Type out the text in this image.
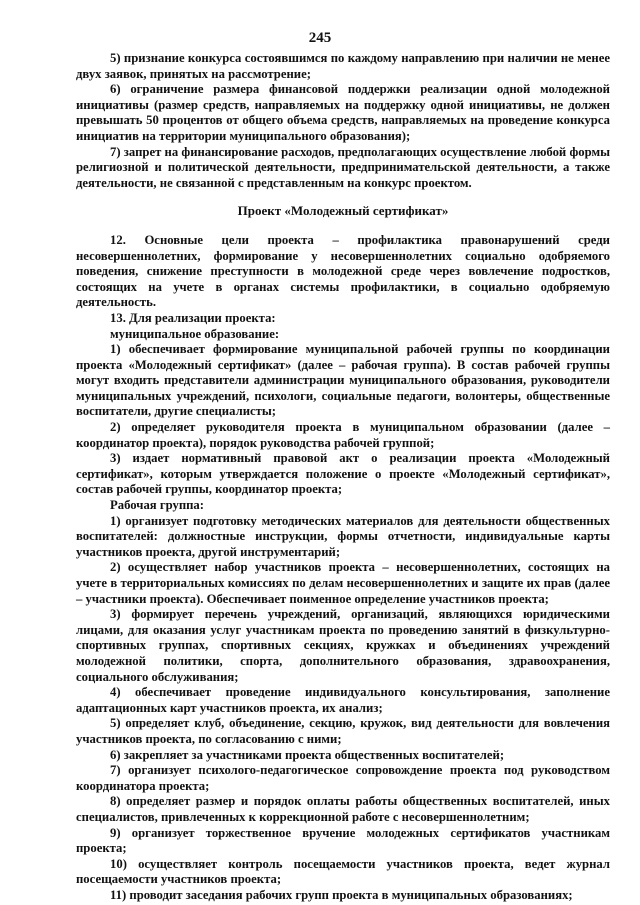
245

5) признание конкурса состоявшимся по каждому направлению при наличии не менее двух заявок, принятых на рассмотрение;

6) ограничение размера финансовой поддержки реализации одной молодежной инициативы (размер средств, направляемых на поддержку одной инициативы, не должен превышать 50 процентов от общего объема средств, направляемых на проведение конкурса инициатив на территории муниципального образования);

7) запрет на финансирование расходов, предполагающих осуществление любой формы религиозной и политической деятельности, предпринимательской деятельности, а также деятельности, не связанной с представленным на конкурс проектом.

Проект «Молодежный сертификат»

12. Основные цели проекта – профилактика правонарушений среди несовершеннолетних, формирование у несовершеннолетних социально одобряемого поведения, снижение преступности в молодежной среде через вовлечение подростков, состоящих на учете в органах системы профилактики, в социально одобряемую деятельность.

13. Для реализации проекта:

муниципальное образование:

1) обеспечивает формирование муниципальной рабочей группы по координации проекта «Молодежный сертификат» (далее – рабочая группа). В состав рабочей группы могут входить представители администрации муниципального образования, руководители муниципальных учреждений, психологи, социальные педагоги, волонтеры, общественные воспитатели, другие специалисты;

2) определяет руководителя проекта в муниципальном образовании (далее – координатор проекта), порядок руководства рабочей группой;

3) издает нормативный правовой акт о реализации проекта «Молодежный сертификат», которым утверждается положение о проекте «Молодежный сертификат», состав рабочей группы, координатор проекта;

Рабочая группа:

1) организует подготовку методических материалов для деятельности общественных воспитателей: должностные инструкции, формы отчетности, индивидуальные карты участников проекта, другой инструментарий;

2) осуществляет набор участников проекта – несовершеннолетних, состоящих на учете в территориальных комиссиях по делам несовершеннолетних и защите их прав (далее – участники проекта). Обеспечивает поименное определение участников проекта;

3) формирует перечень учреждений, организаций, являющихся юридическими лицами, для оказания услуг участникам проекта по проведению занятий в физкультурно-спортивных группах, спортивных секциях, кружках и объединениях учреждений молодежной политики, спорта, дополнительного образования, здравоохранения, социального обслуживания;

4) обеспечивает проведение индивидуального консультирования, заполнение адаптационных карт участников проекта, их анализ;

5) определяет клуб, объединение, секцию, кружок, вид деятельности для вовлечения участников проекта, по согласованию с ними;

6) закрепляет за участниками проекта общественных воспитателей;

7) организует психолого-педагогическое сопровождение проекта под руководством координатора проекта;

8) определяет размер и порядок оплаты работы общественных воспитателей, иных специалистов, привлеченных к коррекционной работе с несовершеннолетним;

9) организует торжественное вручение молодежных сертификатов участникам проекта;

10) осуществляет контроль посещаемости участников проекта, ведет журнал посещаемости участников проекта;

11) проводит заседания рабочих групп проекта в муниципальных образованиях;
